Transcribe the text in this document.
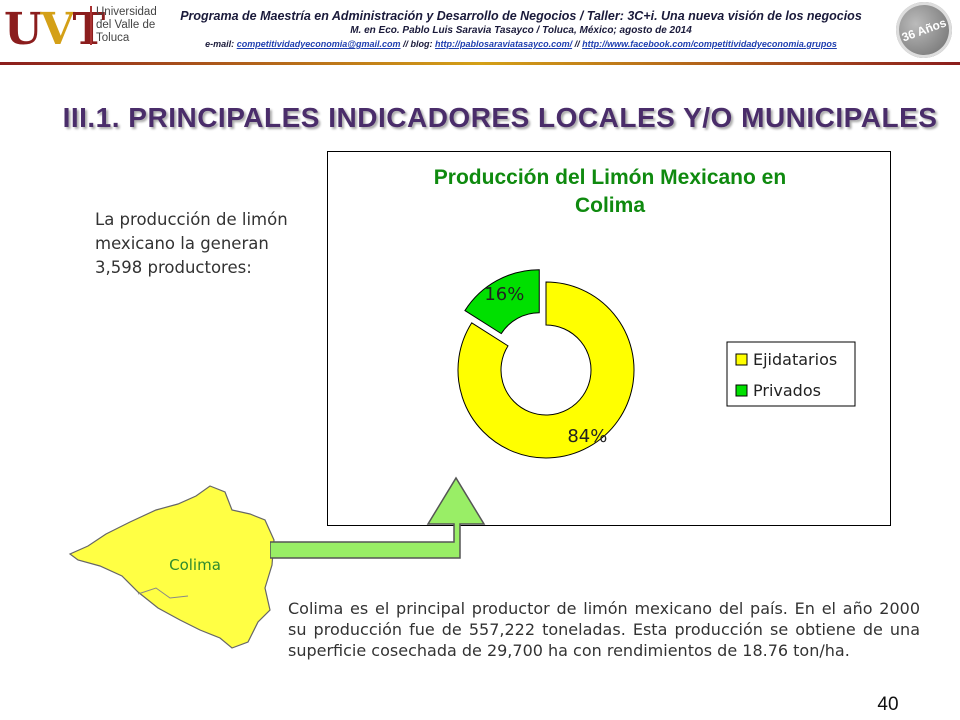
UVT
Universidad del Valle de Toluca
Programa de Maestría en Administración y Desarrollo de Negocios / Taller: 3C+i. Una nueva visión de los negocios
M. en Eco. Pablo Luis Saravia Tasayco / Toluca, México; agosto de 2014
e-mail: competitividadyeconomia@gmail.com // blog: http://pablosaraviatasayco.com/ // http://www.facebook.com/competitividadyeconomia.grupos	36 Años
III.1. PRINCIPALES INDICADORES LOCALES Y/O MUNICIPALES
La producción de limón mexicano la generan 3,598 productores:
Producción del Limón Mexicano en
Colima
84%
16%
Ejidatarios
Privados
Colima
Colima es el principal productor de limón mexicano del país. En el año 2000 su producción fue de 557,222 toneladas. Esta producción se obtiene de una superficie cosechada de 29,700 ha con rendimientos de 18.76 ton/ha.
40
